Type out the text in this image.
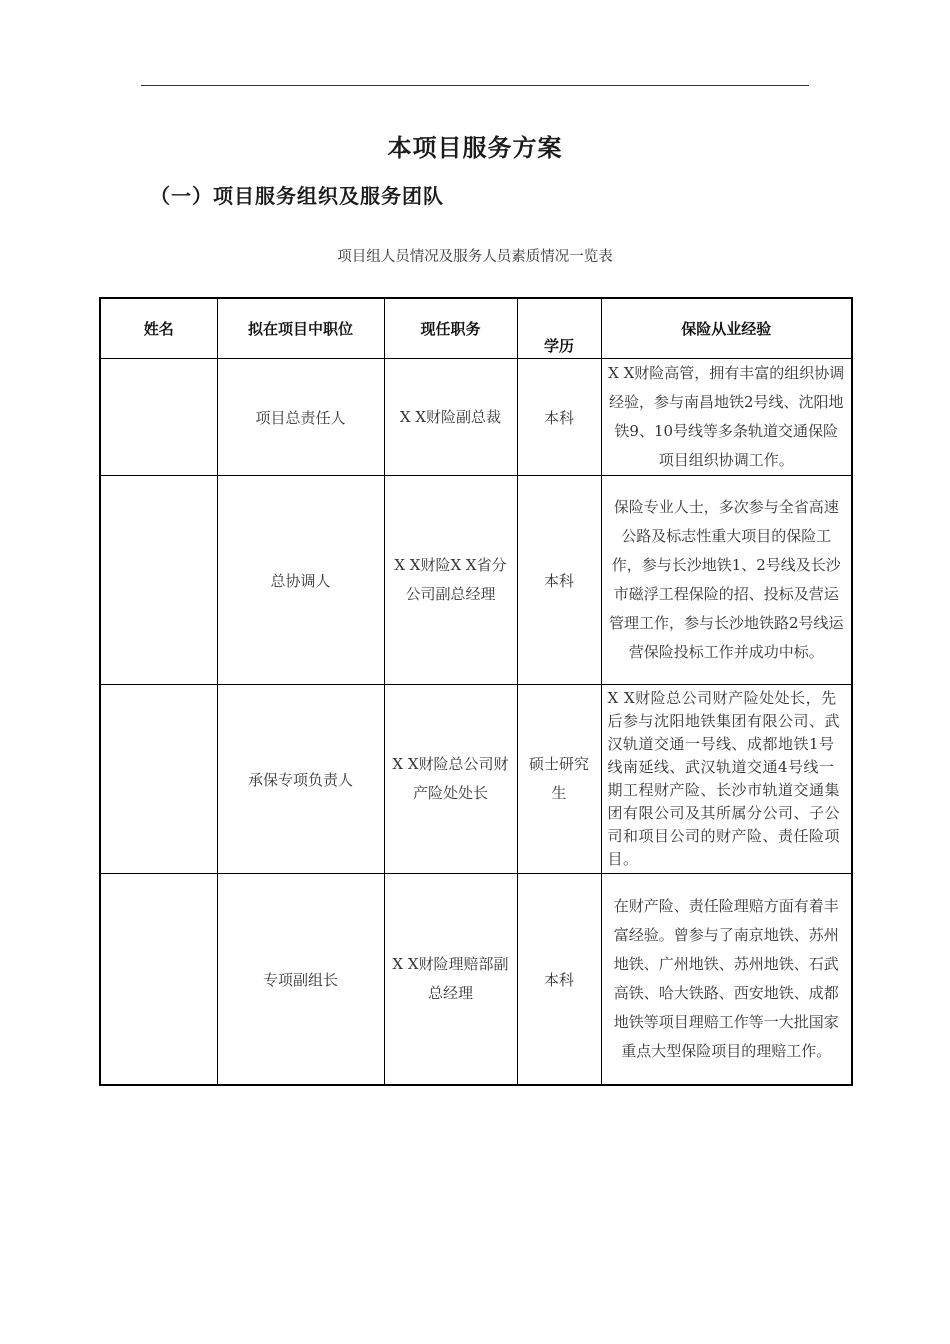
本项目服务方案
（一）项目服务组织及服务团队
项目组人员情况及服务人员素质情况一览表
姓名	拟在项目中职位	现任职务	学历	保险从业经验
	项目总责任人	X X财险副总裁	本科	X X财险高管，拥有丰富的组织协调经验，参与南昌地铁2号线、沈阳地铁9、10号线等多条轨道交通保险项目组织协调工作。
	总协调人	X X财险X X省分公司副总经理	本科	保险专业人士，多次参与全省高速公路及标志性重大项目的保险工作，参与长沙地铁1、2号线及长沙市磁浮工程保险的招、投标及营运管理工作，参与长沙地铁路2号线运营保险投标工作并成功中标。
	承保专项负责人	X X财险总公司财产险处处长	硕士研究生	X X财险总公司财产险处处长，先后参与沈阳地铁集团有限公司、武汉轨道交通一号线、成都地铁1号线南延线、武汉轨道交通4号线一期工程财产险、长沙市轨道交通集团有限公司及其所属分公司、子公司和项目公司的财产险、责任险项目。
	专项副组长	X X财险理赔部副总经理	本科	在财产险、责任险理赔方面有着丰富经验。曾参与了南京地铁、苏州地铁、广州地铁、苏州地铁、石武高铁、哈大铁路、西安地铁、成都地铁等项目理赔工作等一大批国家重点大型保险项目的理赔工作。
